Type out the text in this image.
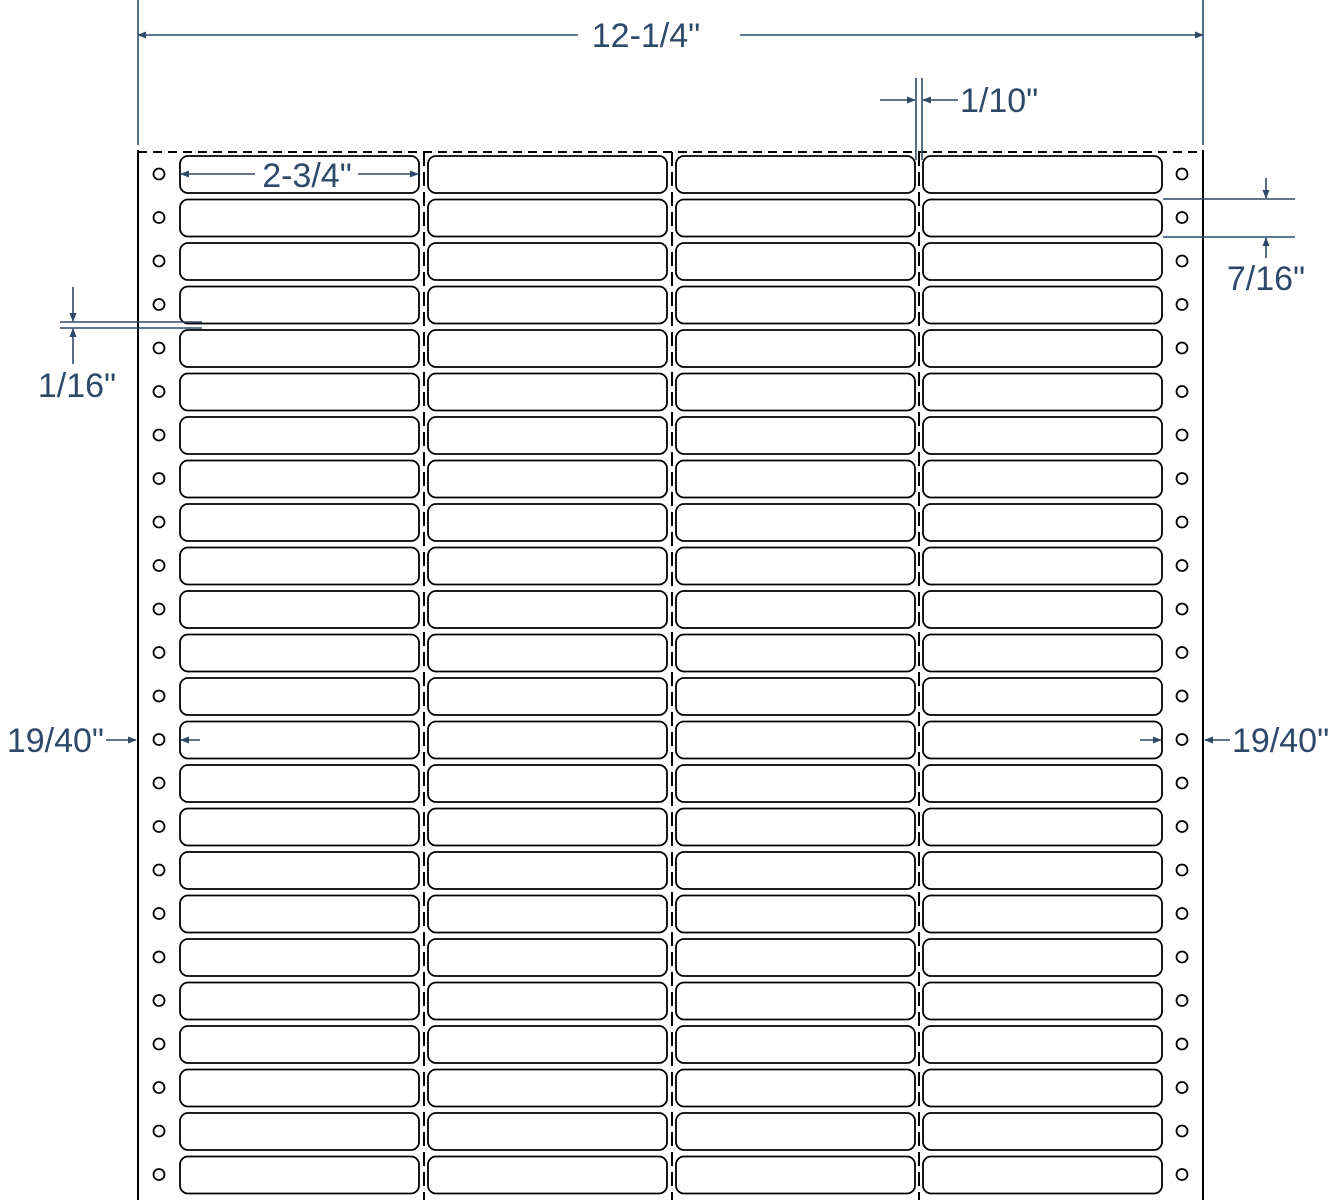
12-1/4"
1/10"
2-3/4"
7/16"
1/16"
19/40"	19/40"
